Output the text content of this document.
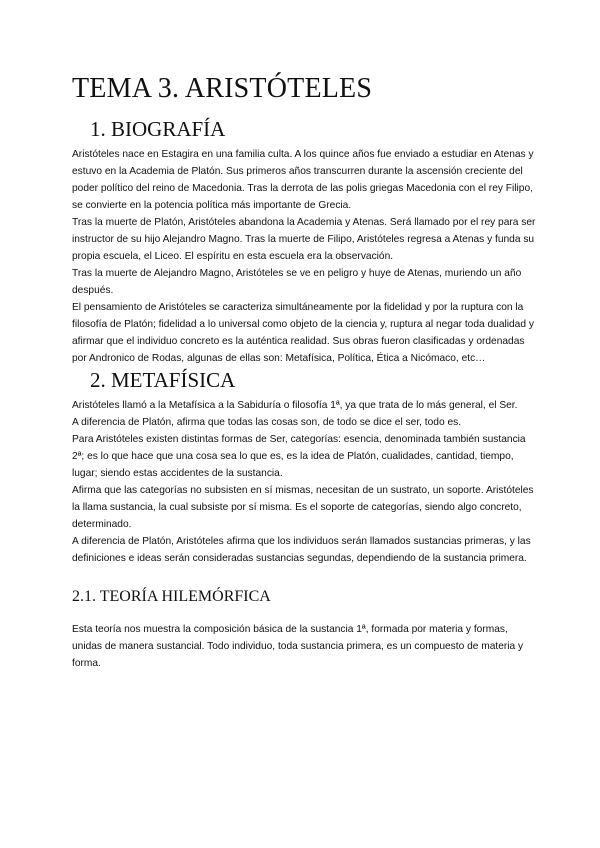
TEMA 3. ARISTÓTELES
1. BIOGRAFÍA

Aristóteles nace en Estagira en una familia culta. A los quince años fue enviado a estudiar en Atenas y estuvo en la Academia de Platón. Sus primeros años transcurren durante la ascensión creciente del poder político del reino de Macedonia. Tras la derrota de las polis griegas Macedonia con el rey Filipo, se convierte en la potencia política más importante de Grecia.

Tras la muerte de Platón, Aristóteles abandona la Academia y Atenas. Será llamado por el rey para ser instructor de su hijo Alejandro Magno. Tras la muerte de Filipo, Aristóteles regresa a Atenas y funda su propia escuela, el Liceo. El espíritu en esta escuela era la observación.

Tras la muerte de Alejandro Magno, Aristóteles se ve en peligro y huye de Atenas, muriendo un año después.

El pensamiento de Aristóteles se caracteriza simultáneamente por la fidelidad y por la ruptura con la filosofía de Platón; fidelidad a lo universal como objeto de la ciencia y, ruptura al negar toda dualidad y afirmar que el individuo concreto es la auténtica realidad. Sus obras fueron clasificadas y ordenadas por Andronico de Rodas, algunas de ellas son: Metafísica, Política, Ética a Nicómaco, etc…

2. METAFÍSICA

Aristóteles llamó a la Metafísica a la Sabiduría o filosofía 1ª, ya que trata de lo más general, el Ser.

A diferencia de Platón, afirma que todas las cosas son, de todo se dice el ser, todo es.

Para Aristóteles existen distintas formas de Ser, categorías: esencia, denominada también sustancia 2ª; es lo que hace que una cosa sea lo que es, es la idea de Platón, cualidades, cantidad, tiempo, lugar; siendo estas accidentes de la sustancia.

Afirma que las categorías no subsisten en sí mismas, necesitan de un sustrato, un soporte. Aristóteles la llama sustancia, la cual subsiste por sí misma. Es el soporte de categorías, siendo algo concreto, determinado.

A diferencia de Platón, Aristóteles afirma que los individuos serán llamados sustancias primeras, y las definiciones e ideas serán consideradas sustancias segundas, dependiendo de la sustancia primera.

2.1. TEORÍA HILEMÓRFICA

Esta teoría nos muestra la composición básica de la sustancia 1ª, formada por materia y formas, unidas de manera sustancial. Todo individuo, toda sustancia primera, es un compuesto de materia y forma.
